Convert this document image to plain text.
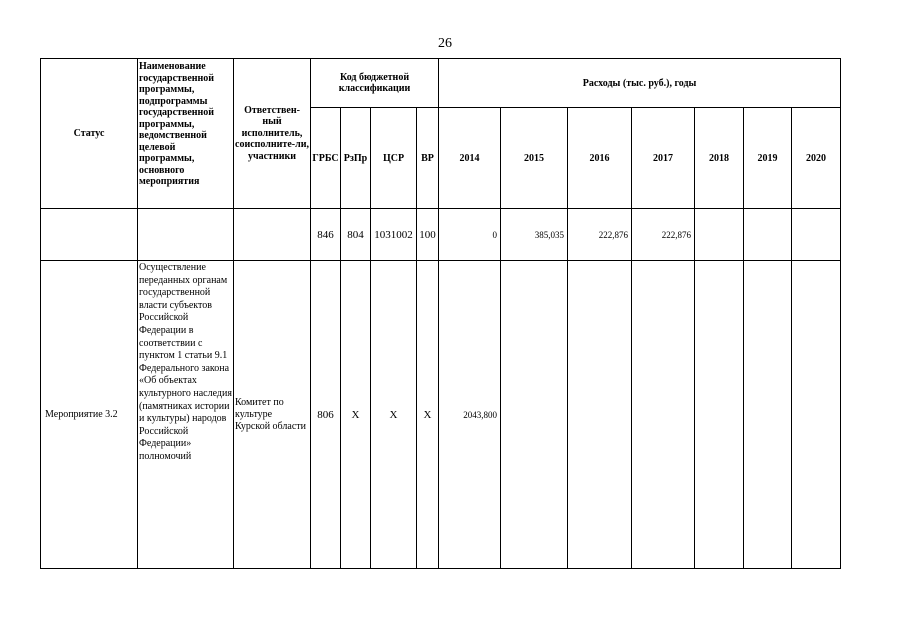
26
Статус	Наименование государственной программы, подпрограммы государственной программы, ведомственной целевой программы, основного мероприятия	Ответствен-ный исполнитель, соисполните-ли, участники	Код бюджетной классификации				Расходы (тыс. руб.), годы						
			ГРБС	РзПр	ЦСР	ВР	2014	2015	2016	2017	2018	2019	2020
			846	804	1031002	100	0	385,035	222,876	222,876			
Мероприятие 3.2	Осуществление переданных органам государственной власти субъектов Российской Федерации в соответствии с пунктом 1 статьи 9.1 Федерального закона «Об объектах культурного наследия (памятниках истории и культуры) народов Российской Федерации» полномочий	Комитет по культуре Курской области	806	X	X	X	2043,800						
